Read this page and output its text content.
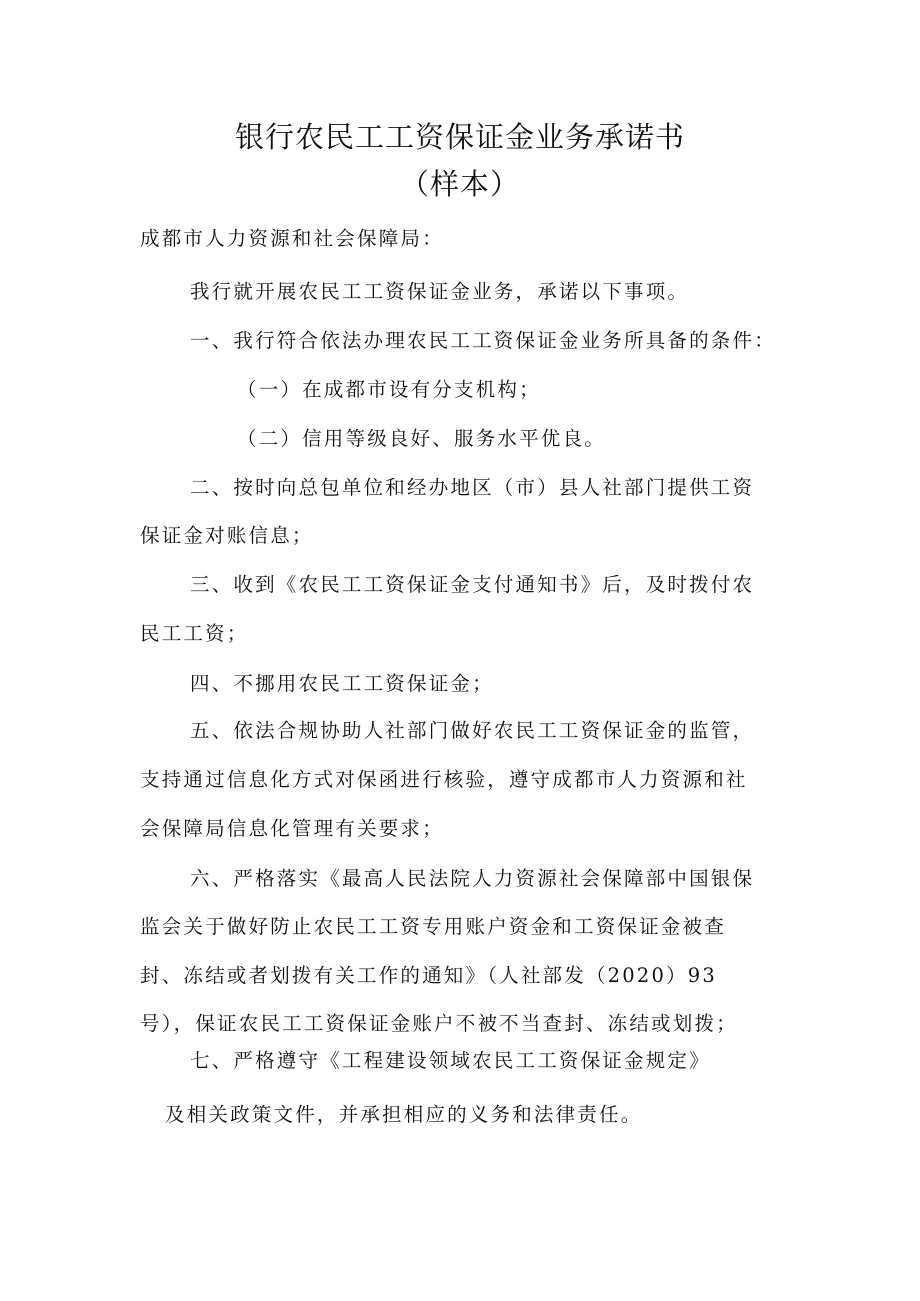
银行农民工工资保证金业务承诺书
（样本）
成都市人力资源和社会保障局：
我行就开展农民工工资保证金业务，承诺以下事项。
一、我行符合依法办理农民工工资保证金业务所具备的条件：
（一）在成都市设有分支机构；
（二）信用等级良好、服务水平优良。
二、按时向总包单位和经办地区（市）县人社部门提供工资
保证金对账信息；
三、收到《农民工工资保证金支付通知书》后，及时拨付农
民工工资；
四、不挪用农民工工资保证金；
五、依法合规协助人社部门做好农民工工资保证金的监管，
支持通过信息化方式对保函进行核验，遵守成都市人力资源和社
会保障局信息化管理有关要求；
六、严格落实《最高人民法院人力资源社会保障部中国银保
监会关于做好防止农民工工资专用账户资金和工资保证金被查
封、冻结或者划拨有关工作的通知》（人社部发（2020）93
号），保证农民工工资保证金账户不被不当查封、冻结或划拨；
七、严格遵守《工程建设领域农民工工资保证金规定》
及相关政策文件，并承担相应的义务和法律责任。
